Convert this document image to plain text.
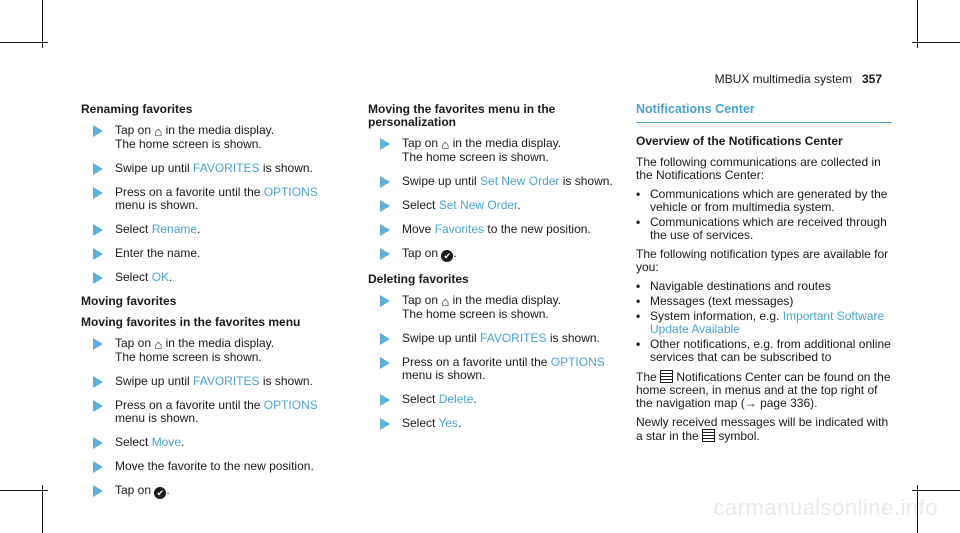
MBUX multimedia system 357
Renaming favorites
Tap on ⌂ in the media display.
The home screen is shown.
Swipe up until FAVORITES is shown.
Press on a favorite until the OPTIONS menu is shown.
Select Rename.
Enter the name.
Select OK.
Moving favorites
Moving favorites in the favorites menu
Tap on ⌂ in the media display.
The home screen is shown.
Swipe up until FAVORITES is shown.
Press on a favorite until the OPTIONS menu is shown.
Select Move.
Move the favorite to the new position.
Tap on ✔ .
Moving the favorites menu in the personalization
Tap on ⌂ in the media display.
The home screen is shown.
Swipe up until Set New Order is shown.
Select Set New Order.
Move Favorites to the new position.
Tap on ✔ .
Deleting favorites
Tap on ⌂ in the media display.
The home screen is shown.
Swipe up until FAVORITES is shown.
Press on a favorite until the OPTIONS menu is shown.
Select Delete.
Select Yes.
Notifications Center
Overview of the Notifications Center
The following communications are collected in the Notifications Center:
• Communications which are generated by the vehicle or from multimedia system.
• Communications which are received through the use of services.
The following notification types are available for you:
• Navigable destinations and routes
• Messages (text messages)
• System information, e.g. Important Software Update Available
• Other notifications, e.g. from additional online services that can be subscribed to
The  Notifications Center can be found on the home screen, in menus and at the top right of the navigation map (→ page 336).
Newly received messages will be indicated with a star in the  symbol.
carmanualsonline.info
